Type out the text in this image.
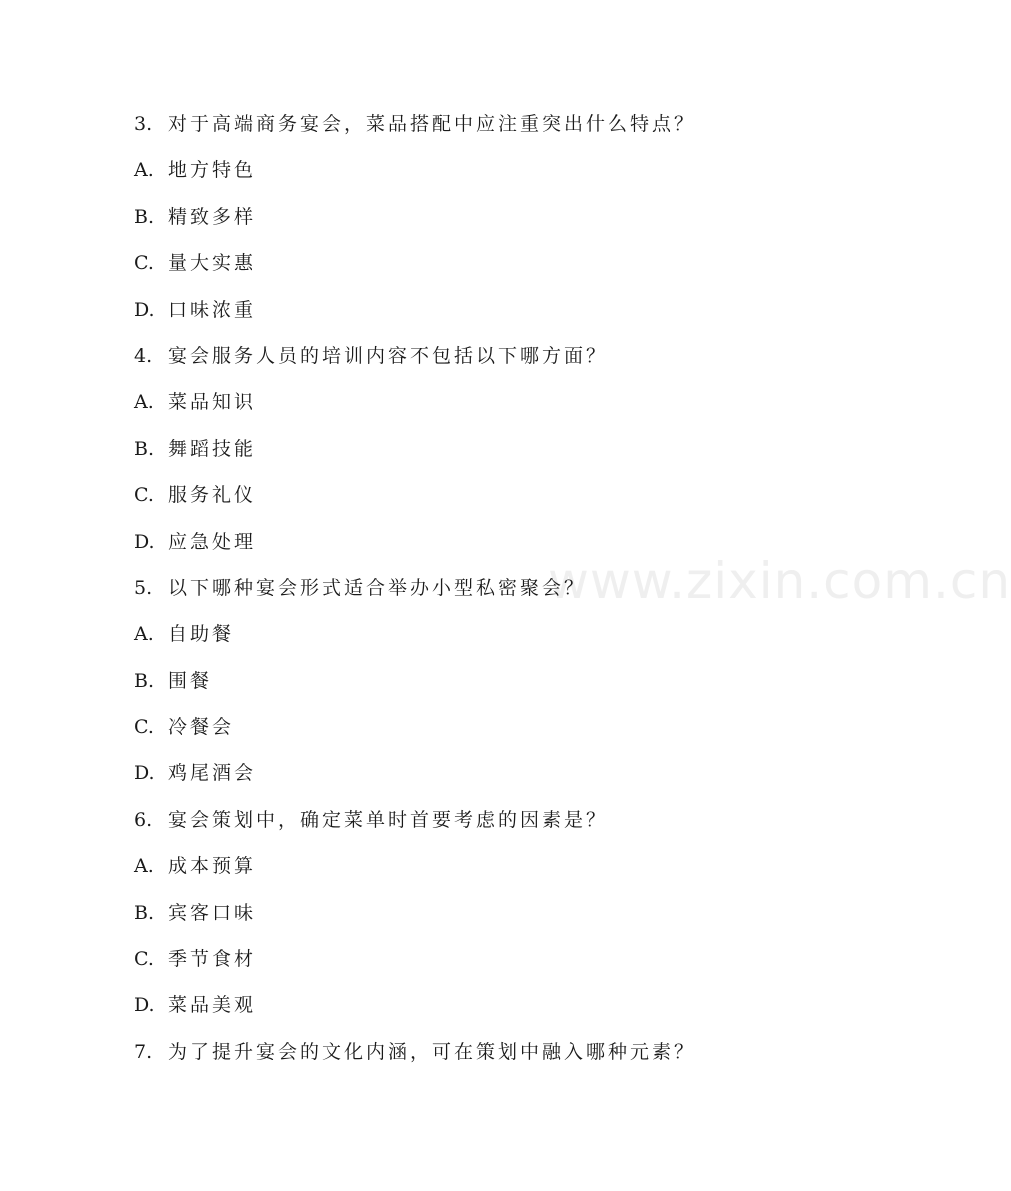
www.zixin.com.cn
3. 对于高端商务宴会，菜品搭配中应注重突出什么特点？
A. 地方特色
B. 精致多样
C. 量大实惠
D. 口味浓重
4. 宴会服务人员的培训内容不包括以下哪方面？
A. 菜品知识
B. 舞蹈技能
C. 服务礼仪
D. 应急处理
5. 以下哪种宴会形式适合举办小型私密聚会？
A. 自助餐
B. 围餐
C. 冷餐会
D. 鸡尾酒会
6. 宴会策划中，确定菜单时首要考虑的因素是？
A. 成本预算
B. 宾客口味
C. 季节食材
D. 菜品美观
7. 为了提升宴会的文化内涵，可在策划中融入哪种元素？
